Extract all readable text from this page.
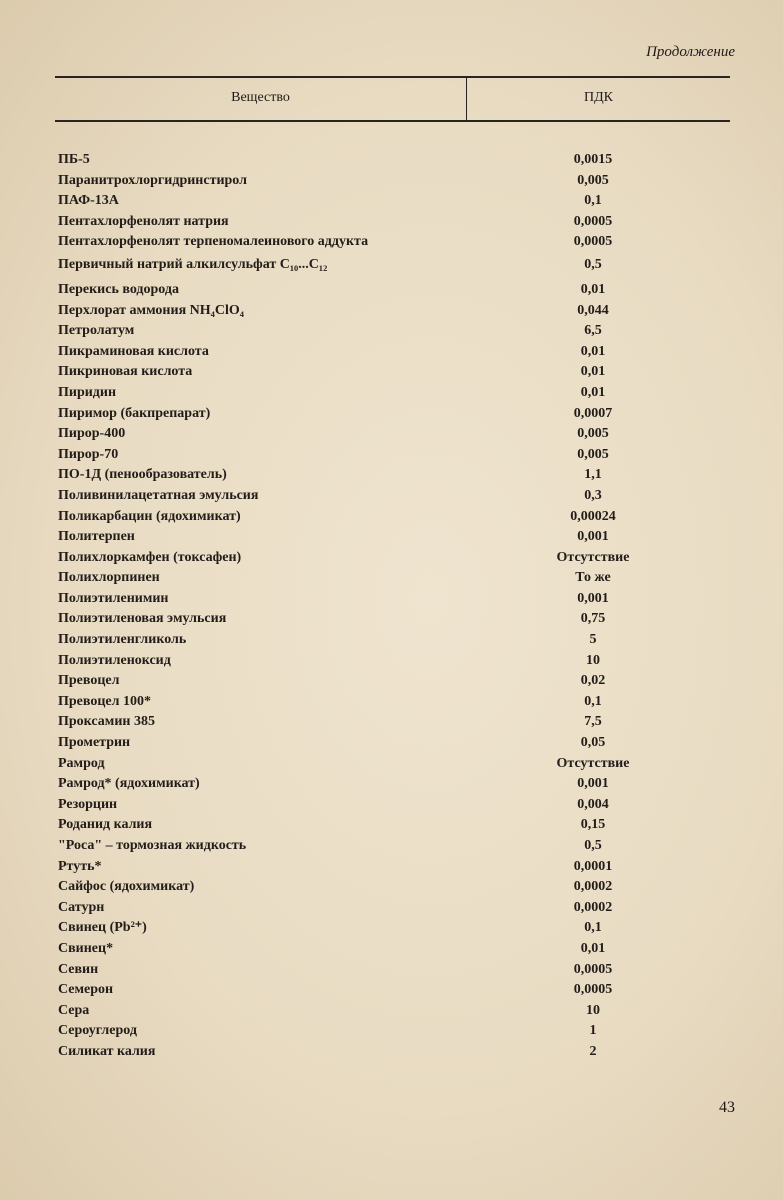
Продолжение
Вещество	ПДК
ПБ-5	0,0015
Паранитрохлоргидринстирол	0,005
ПАФ-13А	0,1
Пентахлорфенолят натрия	0,0005
Пентахлорфенолят терпеномалеинового аддукта	0,0005
Первичный натрий алкилсульфат C₁₀...C₁₂	0,5
Перекись водорода	0,01
Перхлорат аммония NH₄ClO₄	0,044
Петролатум	6,5
Пикраминовая кислота	0,01
Пикриновая кислота	0,01
Пиридин	0,01
Пиримор (бакпрепарат)	0,0007
Пирор-400	0,005
Пирор-70	0,005
ПО-1Д (пенообразователь)	1,1
Поливинилацетатная эмульсия	0,3
Поликарбацин (ядохимикат)	0,00024
Политерпен	0,001
Полихлоркамфен (токсафен)	Отсутствие
Полихлорпинен	То же
Полиэтиленимин	0,001
Полиэтиленовая эмульсия	0,75
Полиэтиленгликоль	5
Полиэтиленоксид	10
Превоцел	0,02
Превоцел 100*	0,1
Проксамин 385	7,5
Прометрин	0,05
Рамрод	Отсутствие
Рамрод* (ядохимикат)	0,001
Резорцин	0,004
Роданид калия	0,15
"Роса" – тормозная жидкость	0,5
Ртуть*	0,0001
Сайфос (ядохимикат)	0,0002
Сатурн	0,0002
Свинец (Pb²⁺)	0,1
Свинец*	0,01
Севин	0,0005
Семерон	0,0005
Сера	10
Сероуглерод	1
Силикат калия	2
43
